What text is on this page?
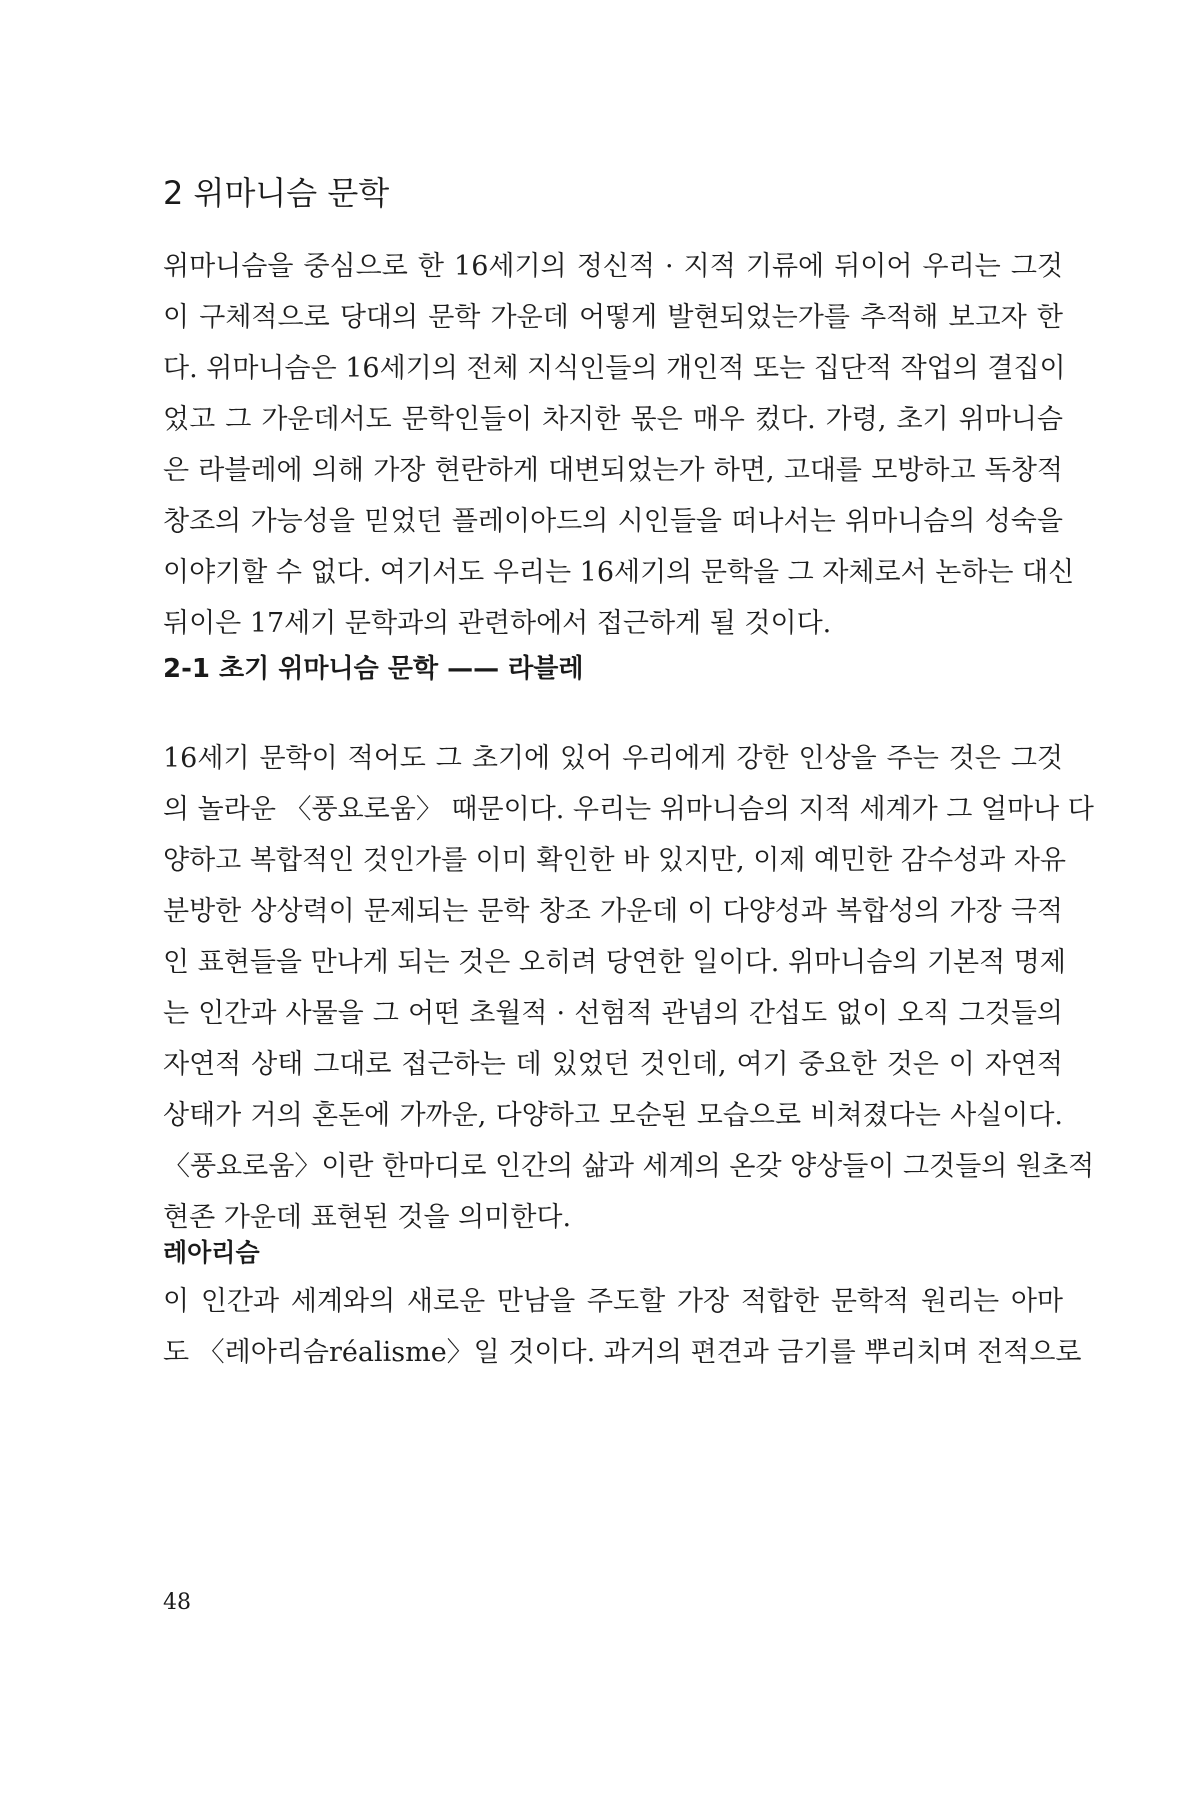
2 위마니슴 문학

위마니슴을 중심으로 한 16세기의 정신적 · 지적 기류에 뒤이어 우리는 그것
이 구체적으로 당대의 문학 가운데 어떻게 발현되었는가를 추적해 보고자 한
다. 위마니슴은 16세기의 전체 지식인들의 개인적 또는 집단적 작업의 결집이
었고 그 가운데서도 문학인들이 차지한 몫은 매우 컸다. 가령, 초기 위마니슴
은 라블레에 의해 가장 현란하게 대변되었는가 하면, 고대를 모방하고 독창적
창조의 가능성을 믿었던 플레이아드의 시인들을 떠나서는 위마니슴의 성숙을
이야기할 수 없다. 여기서도 우리는 16세기의 문학을 그 자체로서 논하는 대신
뒤이은 17세기 문학과의 관련하에서 접근하게 될 것이다.

2-1 초기 위마니슴 문학 —— 라블레

16세기 문학이 적어도 그 초기에 있어 우리에게 강한 인상을 주는 것은 그것
의 놀라운 〈풍요로움〉 때문이다. 우리는 위마니슴의 지적 세계가 그 얼마나 다
양하고 복합적인 것인가를 이미 확인한 바 있지만, 이제 예민한 감수성과 자유
분방한 상상력이 문제되는 문학 창조 가운데 이 다양성과 복합성의 가장 극적
인 표현들을 만나게 되는 것은 오히려 당연한 일이다. 위마니슴의 기본적 명제
는 인간과 사물을 그 어떤 초월적 · 선험적 관념의 간섭도 없이 오직 그것들의
자연적 상태 그대로 접근하는 데 있었던 것인데, 여기 중요한 것은 이 자연적
상태가 거의 혼돈에 가까운, 다양하고 모순된 모습으로 비쳐졌다는 사실이다.
〈풍요로움〉이란 한마디로 인간의 삶과 세계의 온갖 양상들이 그것들의 원초적
현존 가운데 표현된 것을 의미한다.

레아리슴

이 인간과 세계와의 새로운 만남을 주도할 가장 적합한 문학적 원리는 아마
도 〈레아리슴réalisme〉일 것이다. 과거의 편견과 금기를 뿌리치며 전적으로

48
